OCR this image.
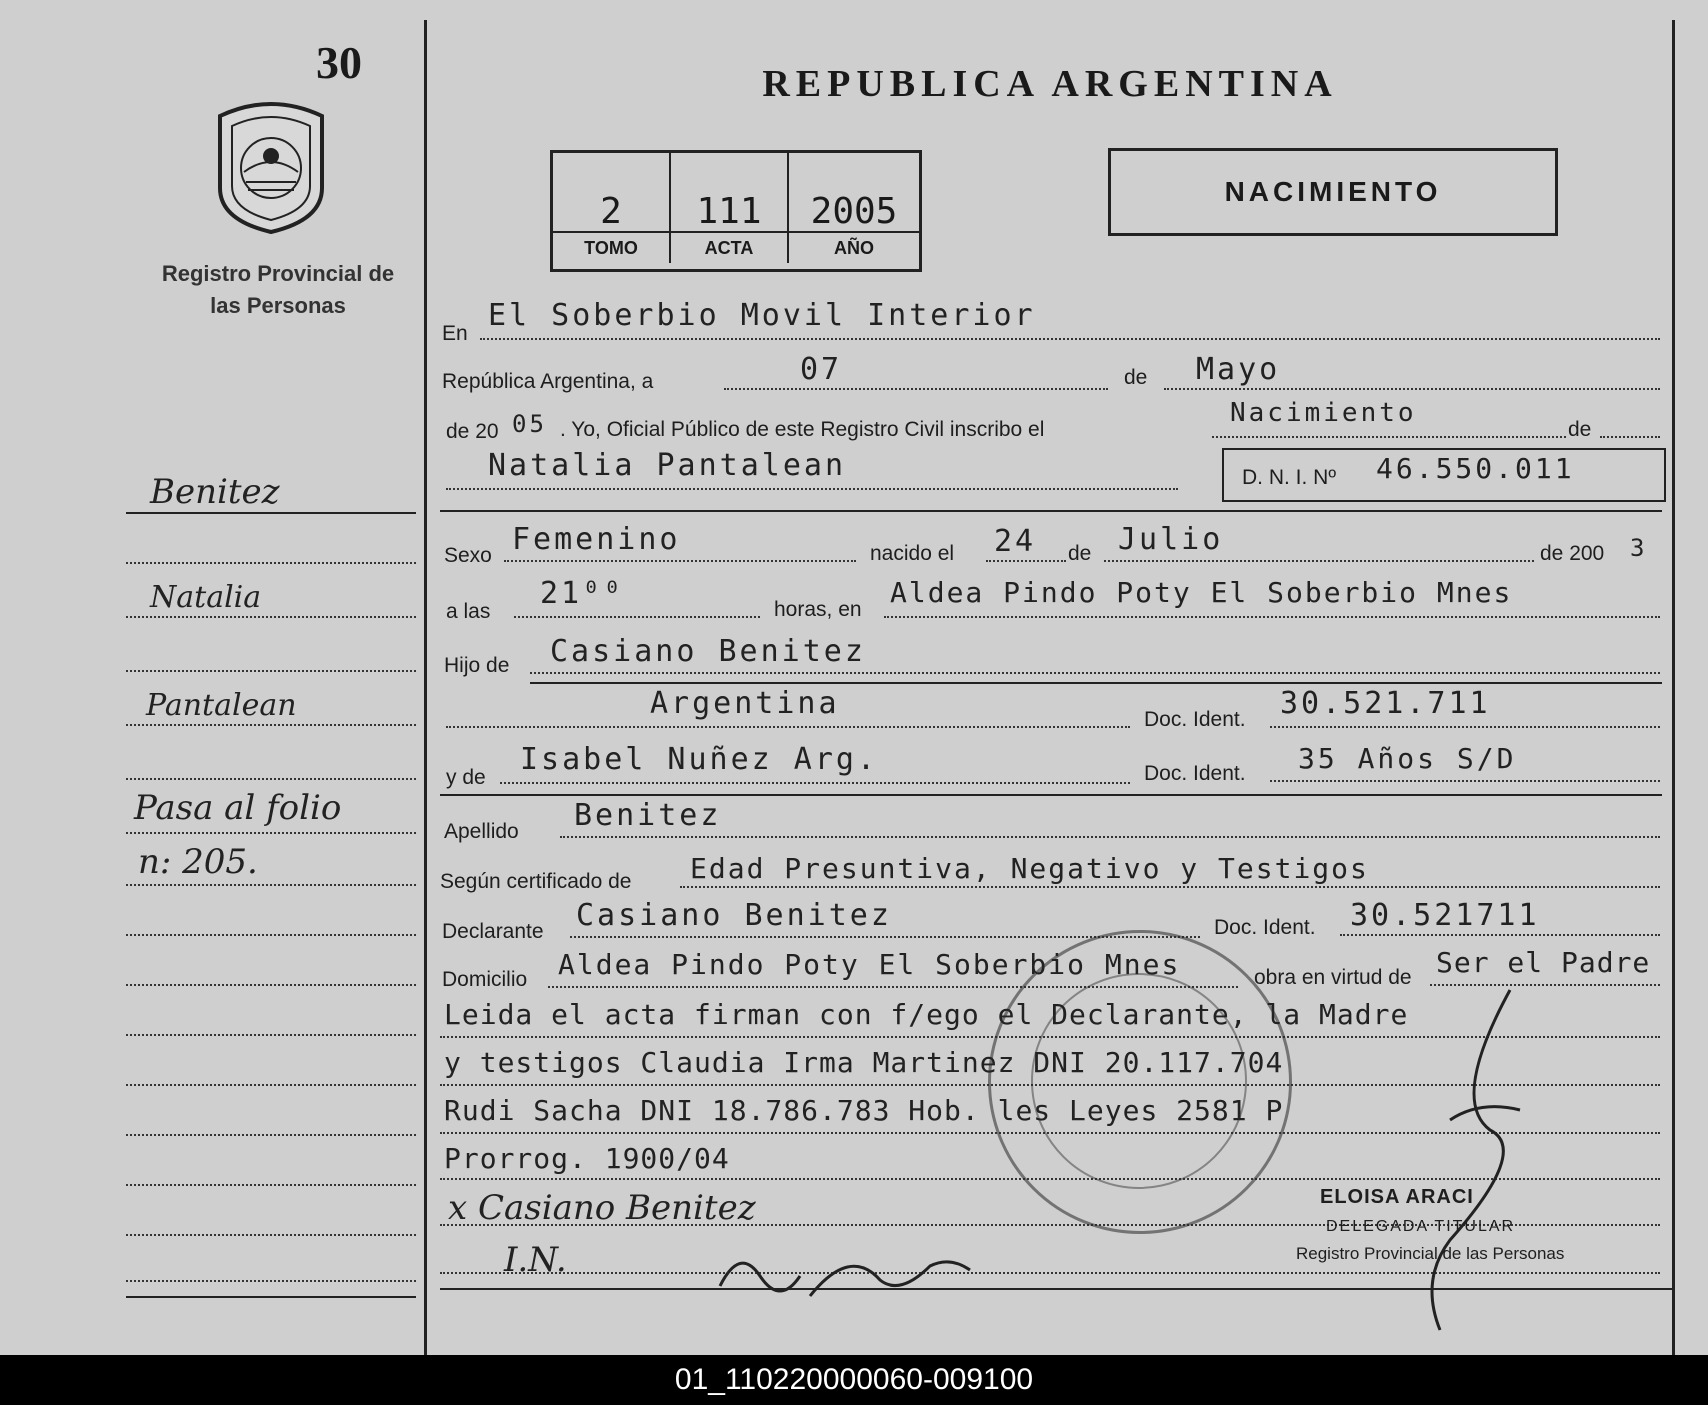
30
Registro Provincial de las Personas
Benitez
Natalia
Pantalean
Pasa al folio
n: 205.
REPUBLICA ARGENTINA
2
TOMO
111
ACTA
2005
AÑO
NACIMIENTO
En
El Soberbio Movil Interior
República Argentina, a	07	de Mayo
de 20 05 . Yo, Oficial Público de este Registro Civil inscribo el
Nacimiento
de
Natalia Pantalean	D. N. I. Nº 46.550.011
Sexo Femenino	nacido el 24 de Julio	de 200 3
a las
21⁰⁰	horas, en
Aldea Pindo Poty El Soberbio Mnes
Hijo de Casiano Benitez
Argentina	Doc. Ident. 30.521.711
y de
Isabel Nuñez Arg.	Doc. Ident. 35 Años S/D
Apellido Benitez
Según certificado de Edad Presuntiva, Negativo y Testigos
Declarante Casiano Benitez	Doc. Ident. 30.521711
Domicilio Aldea Pindo Poty El Soberbio Mnes	obra en virtud de Ser el Padre
Leida el acta firman con f/ego el Declarante, la Madre
y testigos Claudia Irma Martinez DNI 20.117.704
Rudi Sacha DNI 18.786.783 Hob. les Leyes 2581 P
Prorrog. 1900/04
x Casiano Benitez
I.N.
ELOISA ARACI
DELEGADA TITULAR
Registro Provincial de las Personas
01_110220000060-009100
